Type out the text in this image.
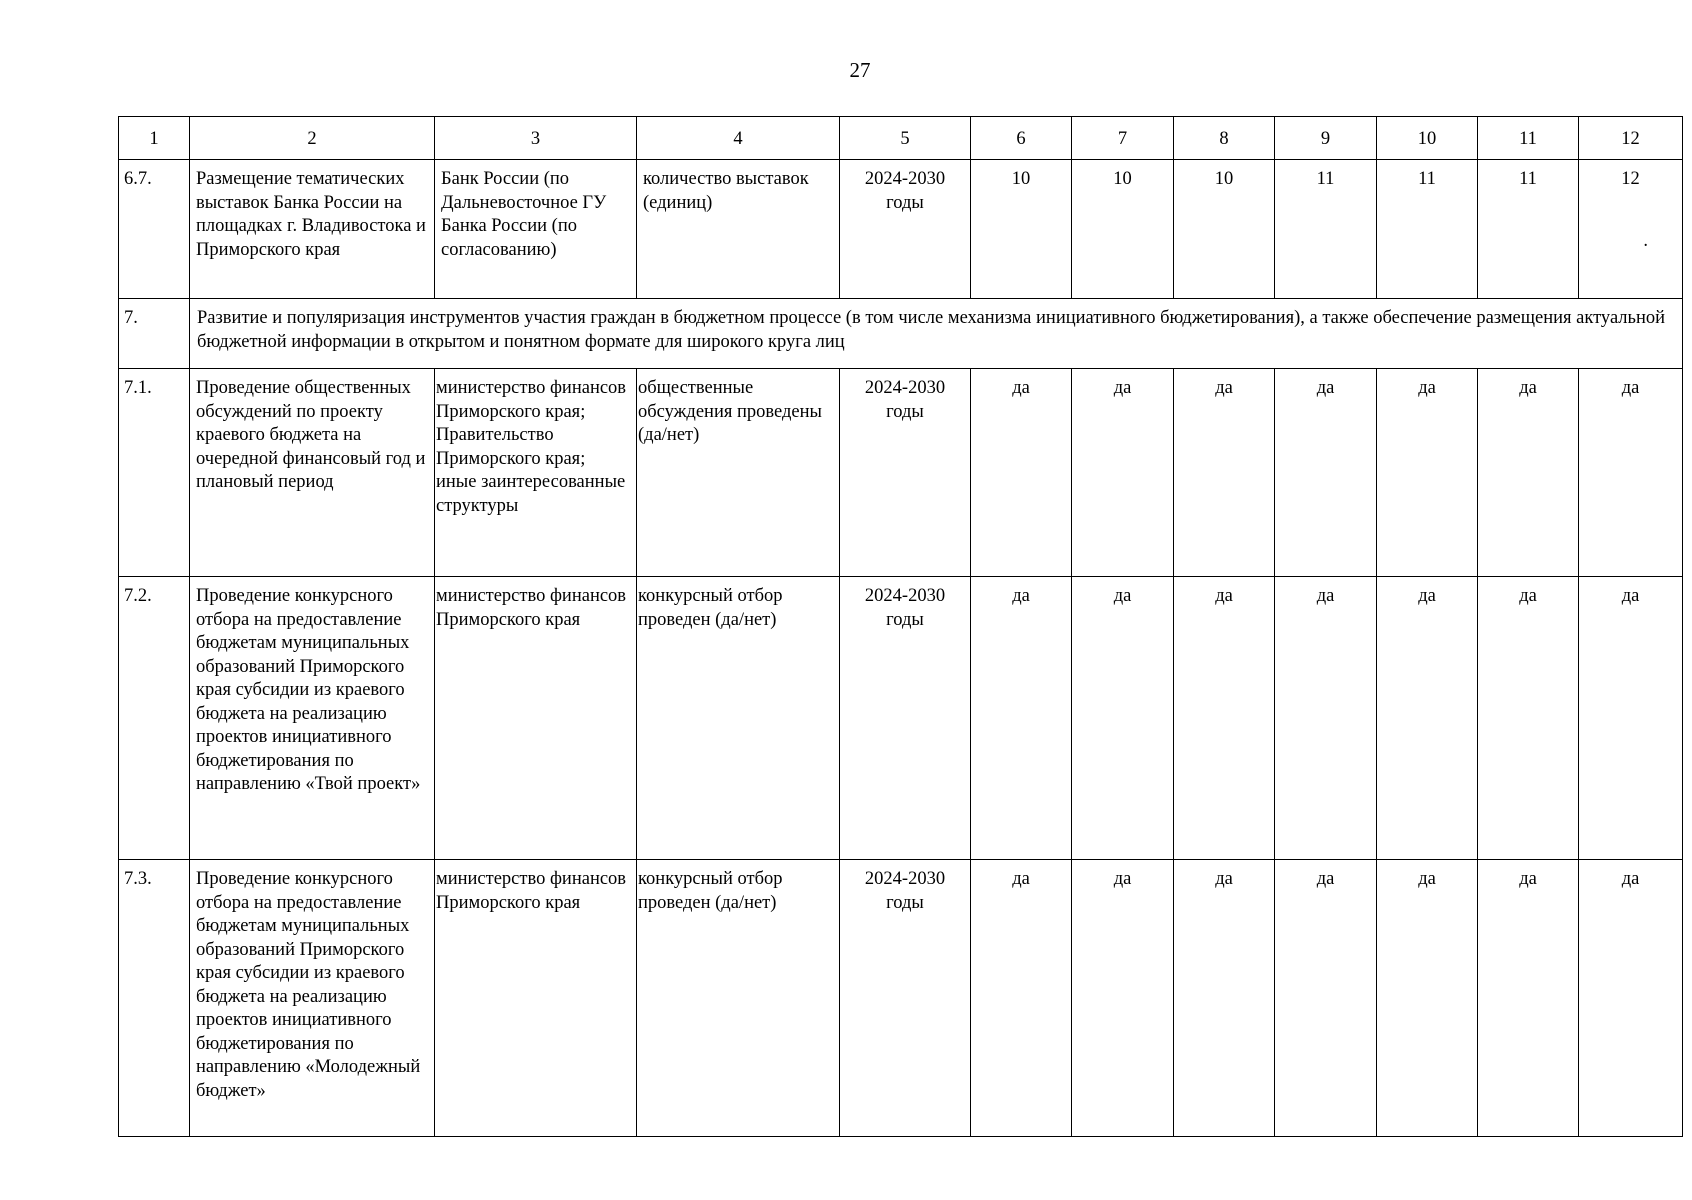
27
1	2	3	4	5	6	7	8	9	10	11	12
6.7.	Размещение тематических выставок Банка России на площадках г. Владивостока и Приморского края	Банк России (по Дальневосточное ГУ Банка России (по согласованию)	количество выставок (единиц)	2024-2030 годы	10	10	10	11	11	11	12

.

7.	Развитие и популяризация инструментов участия граждан в бюджетном процессе (в том числе механизма инициативного бюджетирования), а также обеспечение размещения актуальной бюджетной информации в открытом и понятном формате для широкого круга лиц										
7.1.	Проведение общественных обсуждений по проекту краевого бюджета на очередной финансовый год и плановый период	министерство финансов Приморского края; Правительство Приморского края; иные заинтересованные структуры	общественные обсуждения проведены (да/нет)	2024-2030 годы	да	да	да	да	да	да	да
7.2.	Проведение конкурсного отбора на предоставление бюджетам муниципальных образований Приморского края субсидии из краевого бюджета на реализацию проектов инициативного бюджетирования по направлению «Твой проект»	министерство финансов Приморского края	конкурсный отбор проведен (да/нет)	2024-2030 годы	да	да	да	да	да	да	да
7.3.	Проведение конкурсного отбора на предоставление бюджетам муниципальных образований Приморского края субсидии из краевого бюджета на реализацию проектов инициативного бюджетирования по направлению «Молодежный бюджет»	министерство финансов Приморского края	конкурсный отбор проведен (да/нет)	2024-2030 годы	да	да	да	да	да	да	да
